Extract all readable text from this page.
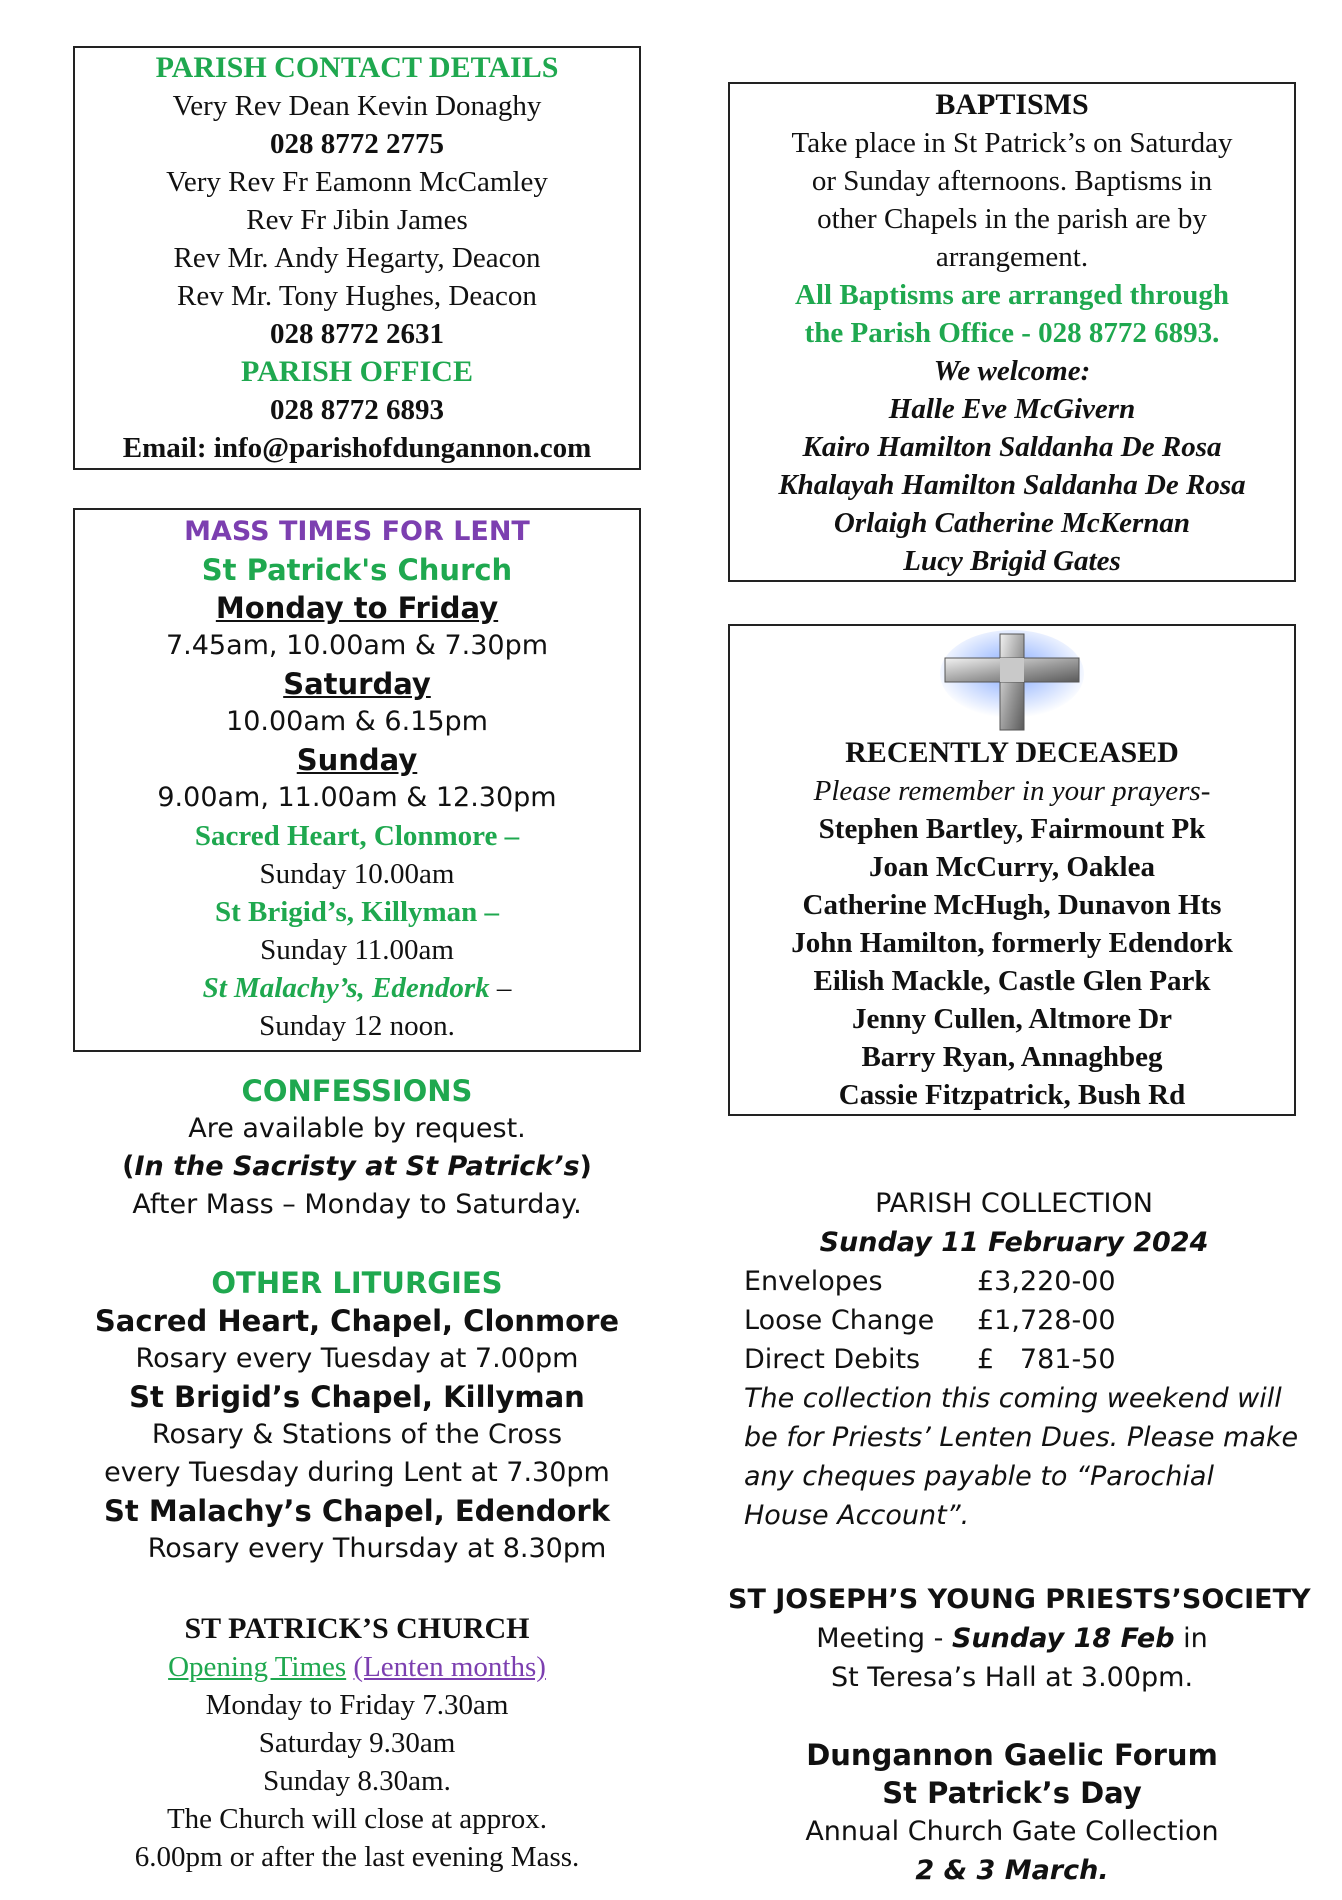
PARISH CONTACT DETAILS
Very Rev Dean Kevin Donaghy
028 8772 2775
Very Rev Fr Eamonn McCamley
Rev Fr Jibin James
Rev Mr. Andy Hegarty, Deacon
Rev Mr. Tony Hughes, Deacon
028 8772 2631
PARISH OFFICE
028 8772 6893
Email: info@parishofdungannon.com
MASS TIMES FOR LENT
St Patrick's Church
Monday to Friday
7.45am, 10.00am & 7.30pm
Saturday
10.00am & 6.15pm
Sunday
9.00am, 11.00am & 12.30pm
Sacred Heart, Clonmore –
Sunday 10.00am
St Brigid’s, Killyman –
Sunday 11.00am
St Malachy’s, Edendork –
Sunday 12 noon.
CONFESSIONS
Are available by request.
(In the Sacristy at St Patrick’s)
After Mass – Monday to Saturday.
OTHER LITURGIES
Sacred Heart, Chapel, Clonmore
Rosary every Tuesday at 7.00pm
St Brigid’s Chapel, Killyman
Rosary & Stations of the Cross
every Tuesday during Lent at 7.30pm
St Malachy’s Chapel, Edendork
Rosary every Thursday at 8.30pm
ST PATRICK’S CHURCH
Opening Times (Lenten months)
Monday to Friday 7.30am
Saturday 9.30am
Sunday 8.30am.
The Church will close at approx.
6.00pm or after the last evening Mass.
BAPTISMS
Take place in St Patrick’s on Saturday
or Sunday afternoons. Baptisms in
other Chapels in the parish are by
arrangement.
All Baptisms are arranged through
the Parish Office - 028 8772 6893.
We welcome:
Halle Eve McGivern
Kairo Hamilton Saldanha De Rosa
Khalayah Hamilton Saldanha De Rosa
Orlaigh Catherine McKernan
Lucy Brigid Gates
RECENTLY DECEASED
Please remember in your prayers-
Stephen Bartley, Fairmount Pk
Joan McCurry, Oaklea
Catherine McHugh, Dunavon Hts
John Hamilton, formerly Edendork
Eilish Mackle, Castle Glen Park
Jenny Cullen, Altmore Dr
Barry Ryan, Annaghbeg
Cassie Fitzpatrick, Bush Rd
PARISH COLLECTION
Sunday 11 February 2024
Envelopes	£3,220-00
Loose Change	£1,728-00
Direct Debits	£   781-50
The collection this coming weekend will
be for Priests’ Lenten Dues. Please make
any cheques payable to “Parochial
House Account”.
ST JOSEPH’S YOUNG PRIESTS’SOCIETY
Meeting - Sunday 18 Feb in
St Teresa’s Hall at 3.00pm.
Dungannon Gaelic Forum
St Patrick’s Day
Annual Church Gate Collection
2 & 3 March.
